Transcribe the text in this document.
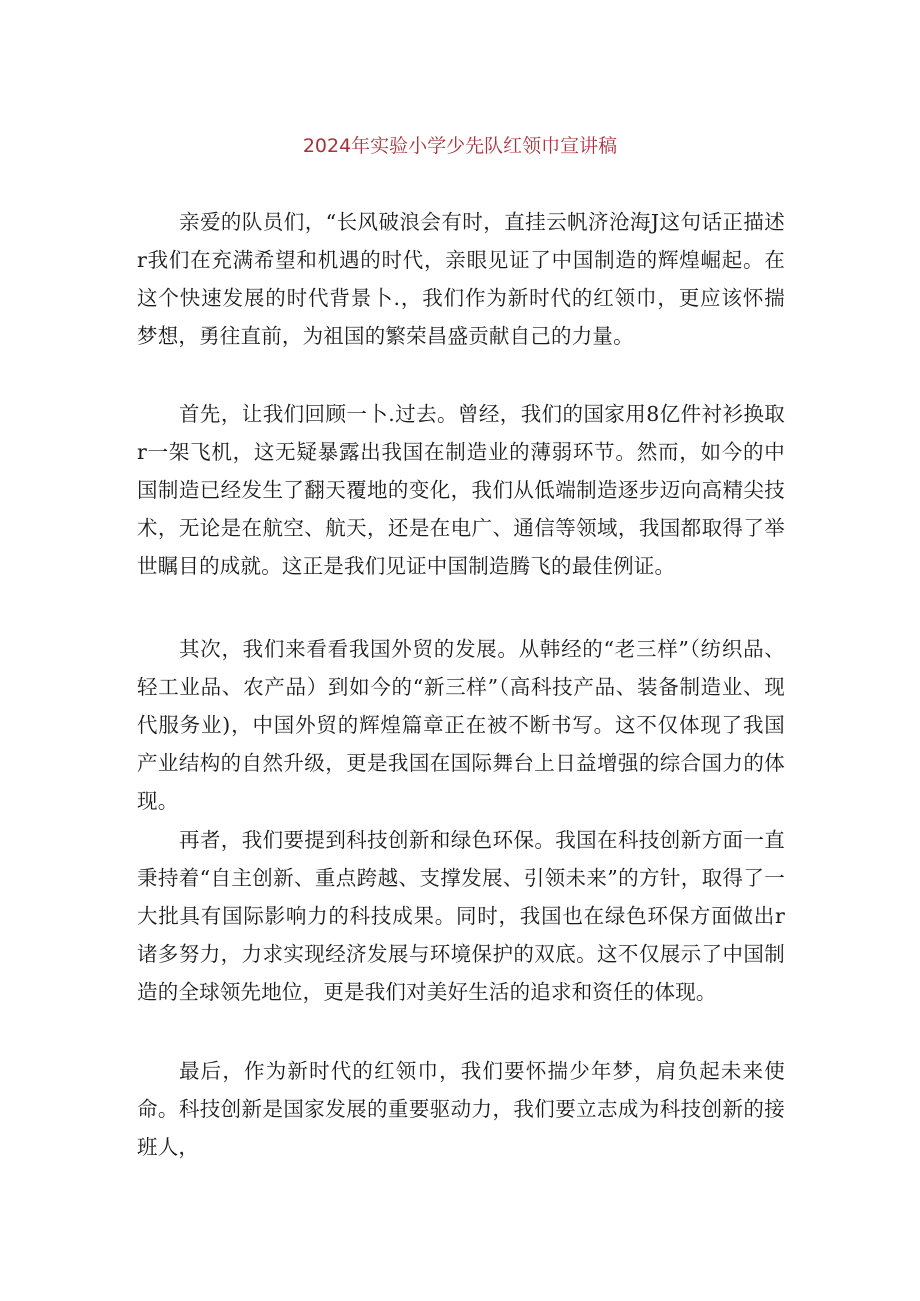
2024年实验小学少先队红领巾宣讲稿

亲爱的队员们，“长风破浪会有时，直挂云帆济沧海J这句话正描述r我们在充满希望和机遇的时代，亲眼见证了中国制造的辉煌崛起。在这个快速发展的时代背景卜.，我们作为新时代的红领巾，更应该怀揣梦想，勇往直前，为祖国的繁荣昌盛贡献自己的力量。

首先，让我们回顾一卜.过去。曾经，我们的国家用8亿件衬衫换取r一架飞机，这无疑暴露出我国在制造业的薄弱环节。然而，如今的中国制造已经发生了翻天覆地的变化，我们从低端制造逐步迈向高精尖技术，无论是在航空、航天，还是在电广、通信等领域，我国都取得了举世瞩目的成就。这正是我们见证中国制造腾飞的最佳例证。

其次，我们来看看我国外贸的发展。从韩经的“老三样”（纺织品、轻工业品、农产品）到如今的“新三样”（高科技产品、装备制造业、现代服务业)，中国外贸的辉煌篇章正在被不断书写。这不仅体现了我国产业结构的自然升级，更是我国在国际舞台上日益增强的综合国力的体现。

再者，我们要提到科技创新和绿色环保。我国在科技创新方面一直秉持着“自主创新、重点跨越、支撑发展、引领未来”的方针，取得了一大批具有国际影响力的科技成果。同时，我国也在绿色环保方面做出r诸多努力，力求实现经济发展与环境保护的双底。这不仅展示了中国制造的全球领先地位，更是我们对美好生活的追求和资任的体现。

最后，作为新时代的红领巾，我们要怀揣少年梦，肩负起未来使命。科技创新是国家发展的重要驱动力，我们要立志成为科技创新的接班人，
